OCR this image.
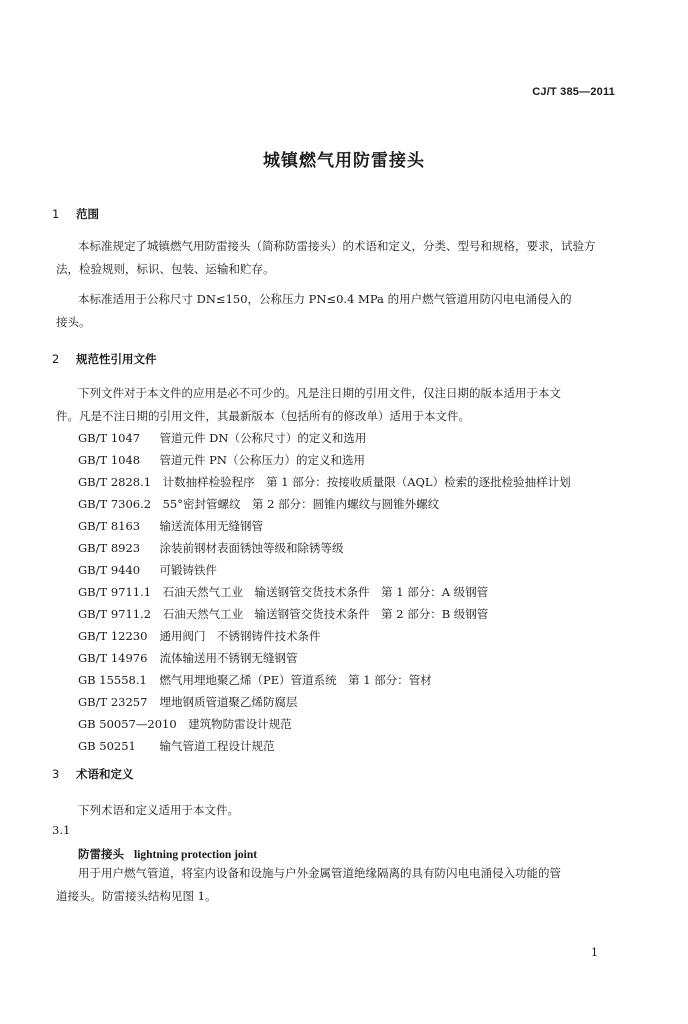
CJ/T 385—2011
城镇燃气用防雷接头
1 范围
本标准规定了城镇燃气用防雷接头（简称防雷接头）的术语和定义，分类、型号和规格，要求，试验方
法，检验规则，标识、包装、运输和贮存。
本标准适用于公称尺寸 DN≤150，公称压力 PN≤0.4 MPa 的用户燃气管道用防闪电电涌侵入的
接头。
2 规范性引用文件
下列文件对于本文件的应用是必不可少的。凡是注日期的引用文件，仅注日期的版本适用于本文
件。凡是不注日期的引用文件，其最新版本（包括所有的修改单）适用于本文件。
GB/T 1047　 管道元件 DN（公称尺寸）的定义和选用
GB/T 1048　 管道元件 PN（公称压力）的定义和选用
GB/T 2828.1　 计数抽样检验程序　第 1 部分：按接收质量限（AQL）检索的逐批检验抽样计划
GB/T 7306.2　 55°密封管螺纹　第 2 部分：圆锥内螺纹与圆锥外螺纹
GB/T 8163　 输送流体用无缝钢管
GB/T 8923　 涂装前钢材表面锈蚀等级和除锈等级
GB/T 9440　 可锻铸铁件
GB/T 9711.1　 石油天然气工业　输送钢管交货技术条件　第 1 部分：A 级钢管
GB/T 9711.2　 石油天然气工业　输送钢管交货技术条件　第 2 部分：B 级钢管
GB/T 12230　 通用阀门　不锈钢铸件技术条件
GB/T 14976　 流体输送用不锈钢无缝钢管
GB 15558.1　 燃气用埋地聚乙烯（PE）管道系统　第 1 部分：管材
GB/T 23257　 埋地钢质管道聚乙烯防腐层
GB 50057—2010　 建筑物防雷设计规范
GB 50251　 输气管道工程设计规范
3 术语和定义
下列术语和定义适用于本文件。
3.1
防雷接头 lightning protection joint
用于用户燃气管道，将室内设备和设施与户外金属管道绝缘隔离的具有防闪电电涌侵入功能的管
道接头。防雷接头结构见图 1。
1
